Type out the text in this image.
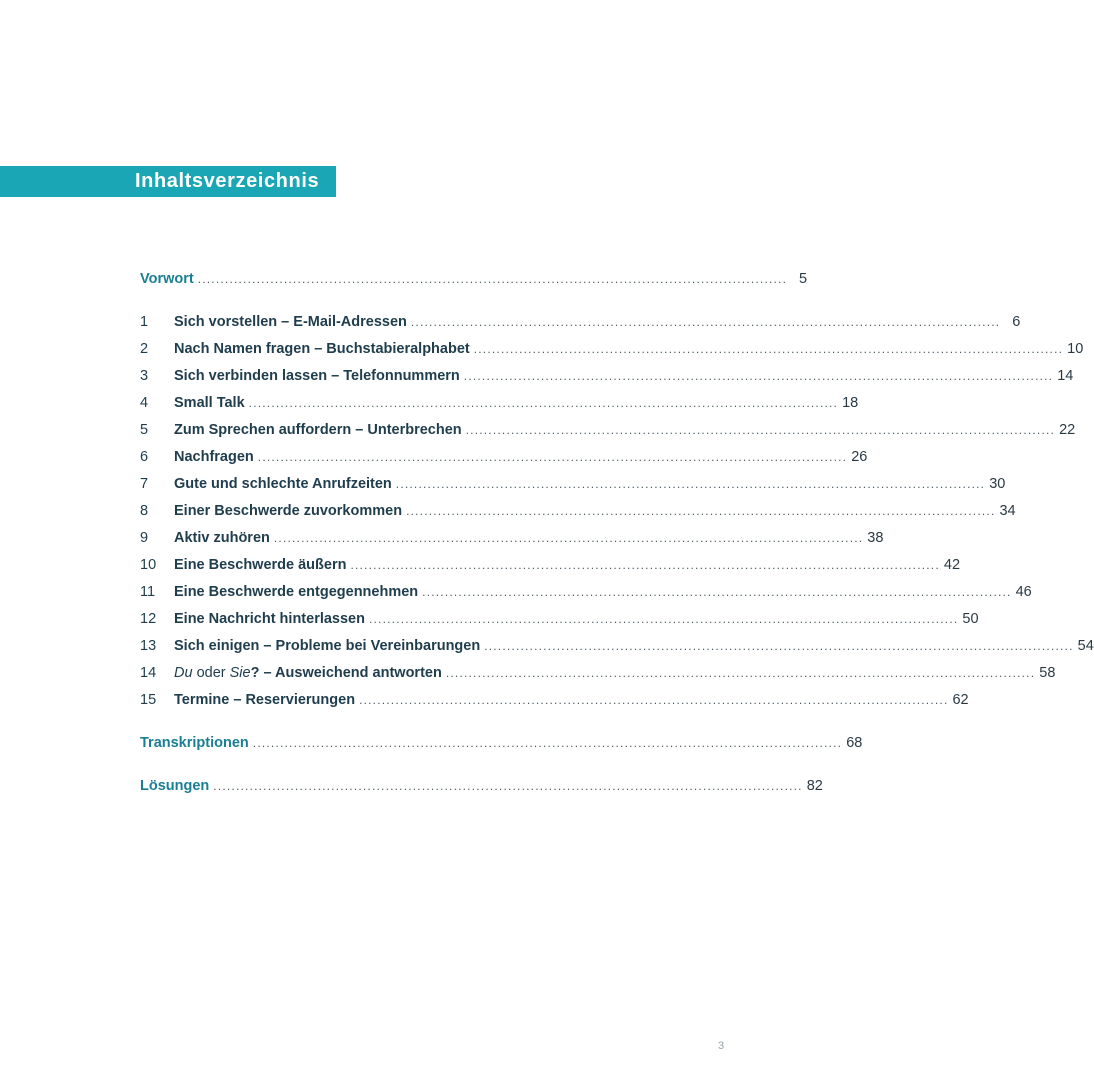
Inhaltsverzeichnis
Vorwort .................................................................................................................................. 5
1	Sich vorstellen – E-Mail-Adressen .................................................................................................................................. 6
2	Nach Namen fragen – Buchstabieralphabet .................................................................................................................................. 10
3	Sich verbinden lassen – Telefonnummern .................................................................................................................................. 14
4	Small Talk .................................................................................................................................. 18
5	Zum Sprechen auffordern – Unterbrechen .................................................................................................................................. 22
6	Nachfragen .................................................................................................................................. 26
7	Gute und schlechte Anrufzeiten .................................................................................................................................. 30
8	Einer Beschwerde zuvorkommen .................................................................................................................................. 34
9	Aktiv zuhören .................................................................................................................................. 38
10	Eine Beschwerde äußern .................................................................................................................................. 42
11	Eine Beschwerde entgegennehmen .................................................................................................................................. 46
12	Eine Nachricht hinterlassen .................................................................................................................................. 50
13	Sich einigen – Probleme bei Vereinbarungen .................................................................................................................................. 54
14	Du oder Sie? – Ausweichend antworten .................................................................................................................................. 58
15	Termine – Reservierungen .................................................................................................................................. 62
Transkriptionen .................................................................................................................................. 68
Lösungen .................................................................................................................................. 82
3
